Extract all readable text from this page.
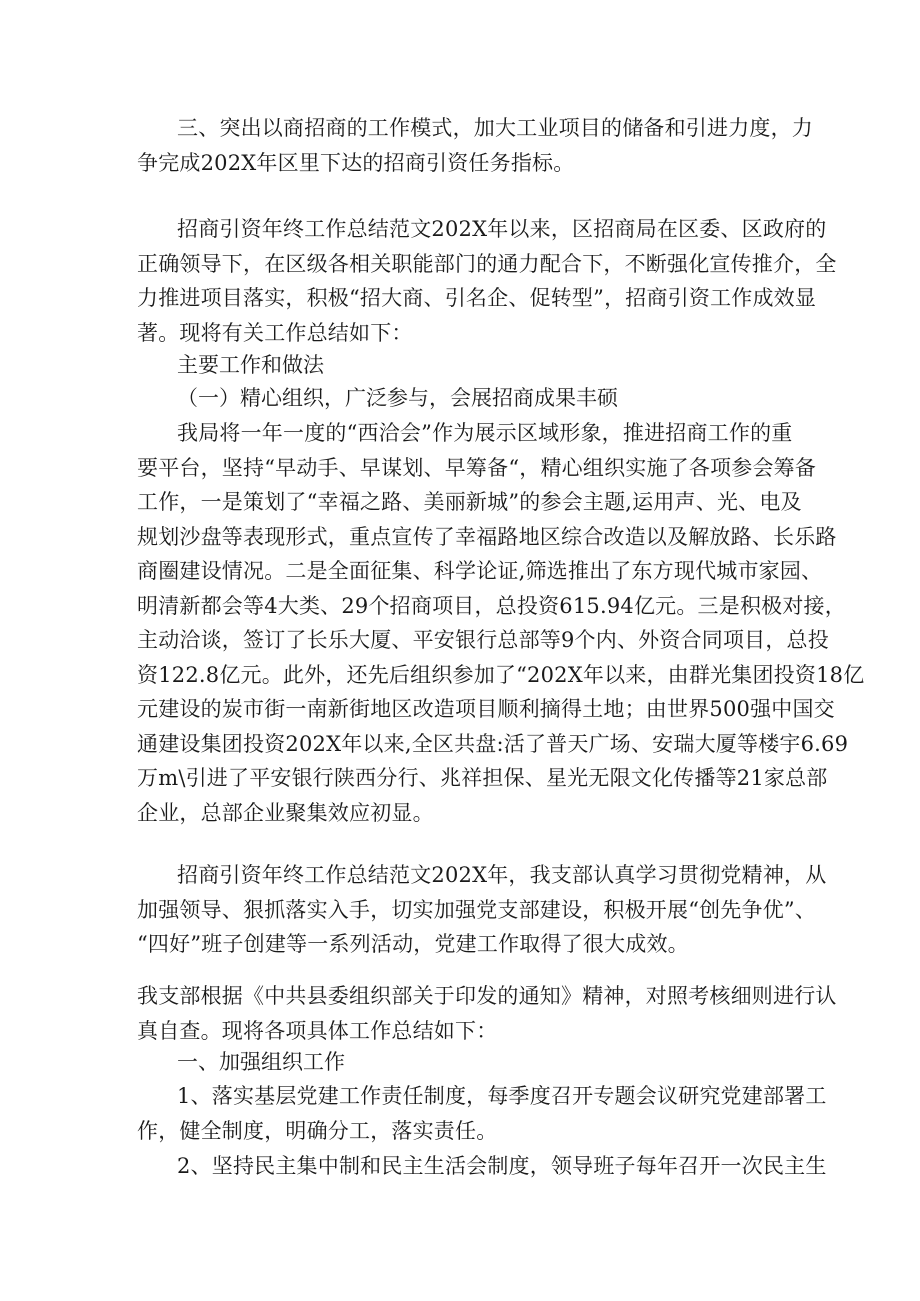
三、突出以商招商的工作模式，加大工业项目的储备和引进力度，力
争完成202X年区里下达的招商引资任务指标。
招商引资年终工作总结范文202X年以来，区招商局在区委、区政府的
正确领导下，在区级各相关职能部门的通力配合下，不断强化宣传推介，全
力推进项目落实，积极“招大商、引名企、促转型”，招商引资工作成效显
著。现将有关工作总结如下：
主要工作和做法
（一）精心组织，广泛参与，会展招商成果丰硕
我局将一年一度的“西洽会”作为展示区域形象，推进招商工作的重
要平台，坚持“早动手、早谋划、早筹备“，精心组织实施了各项参会筹备
工作，一是策划了“幸福之路、美丽新城”的参会主题,运用声、光、电及
规划沙盘等表现形式，重点宣传了幸福路地区综合改造以及解放路、长乐路
商圈建设情况。二是全面征集、科学论证,筛选推出了东方现代城市家园、
明清新都会等4大类、29个招商项目，总投资615.94亿元。三是积极对接，
主动洽谈，签订了长乐大厦、平安银行总部等9个内、外资合同项目，总投
资122.8亿元。此外，还先后组织参加了“202X年以来，由群光集团投资18亿
元建设的炭市街一南新街地区改造项目顺利摘得土地；由世界500强中国交
通建设集团投资202X年以来,全区共盘:活了普天广场、安瑞大厦等楼宇6.69
万m\引进了平安银行陕西分行、兆祥担保、星光无限文化传播等21家总部
企业，总部企业聚集效应初显。
招商引资年终工作总结范文202X年，我支部认真学习贯彻党精神，从
加强领导、狠抓落实入手，切实加强党支部建设，积极开展“创先争优”、
“四好”班子创建等一系列活动，党建工作取得了很大成效。
我支部根据《中共县委组织部关于印发的通知》精神，对照考核细则进行认
真自查。现将各项具体工作总结如下：
一、加强组织工作
1、落实基层党建工作责任制度，每季度召开专题会议研究党建部署工
作，健全制度，明确分工，落实责任。
2、坚持民主集中制和民主生活会制度，领导班子每年召开一次民主生
